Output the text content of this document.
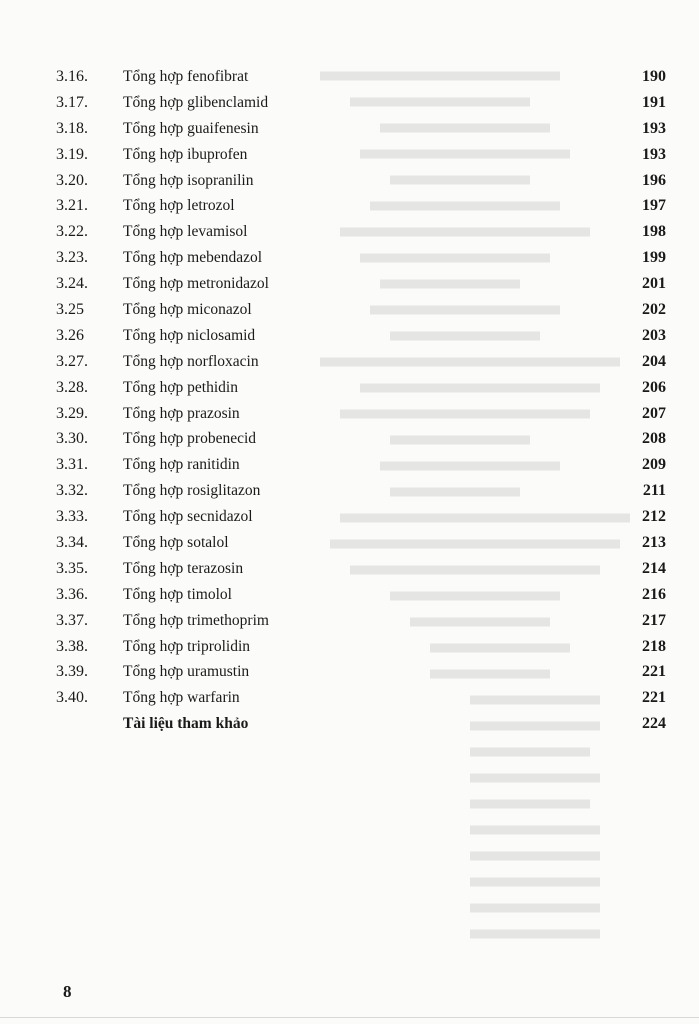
3.16.	Tổng hợp fenofibrat	190
3.17.	Tổng hợp glibenclamid	191
3.18.	Tổng hợp guaifenesin	193
3.19.	Tổng hợp ibuprofen	193
3.20.	Tổng hợp isopranilin	196
3.21.	Tổng hợp letrozol	197
3.22.	Tổng hợp levamisol	198
3.23.	Tổng hợp mebendazol	199
3.24.	Tổng hợp metronidazol	201
3.25	Tổng hợp miconazol	202
3.26	Tổng hợp niclosamid	203
3.27.	Tổng hợp norfloxacin	204
3.28.	Tổng hợp pethidin	206
3.29.	Tổng hợp prazosin	207
3.30.	Tổng hợp probenecid	208
3.31.	Tổng hợp ranitidin	209
3.32.	Tổng hợp rosiglitazon	211
3.33.	Tổng hợp secnidazol	212
3.34.	Tổng hợp sotalol	213
3.35.	Tổng hợp terazosin	214
3.36.	Tổng hợp timolol	216
3.37.	Tổng hợp trimethoprim	217
3.38.	Tổng hợp triprolidin	218
3.39.	Tổng hợp uramustin	221
3.40.	Tổng hợp warfarin	221
Tài liệu tham khảo	224
8
